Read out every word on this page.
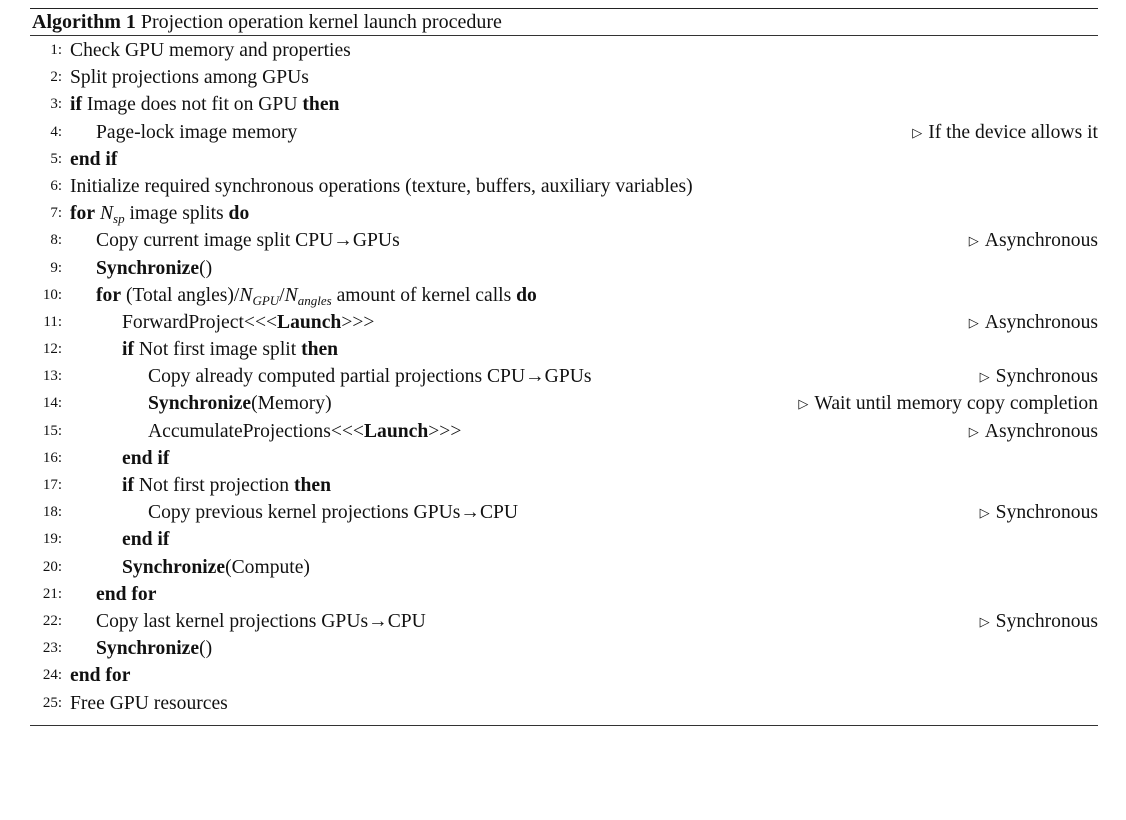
Algorithm 1 Projection operation kernel launch procedure
1: Check GPU memory and properties
2: Split projections among GPUs
3: if Image does not fit on GPU then
4: Page-lock image memory	▷ If the device allows it
5: end if
6: Initialize required synchronous operations (texture, buffers, auxiliary variables)
7: for $N_{sp}$ image splits do
8: Copy current image split CPU→GPUs	▷ Asynchronous
9: Synchronize()
10: for (Total $angles)/N_{GPU}/N_{angles}$ amount of kernel calls do
11:	ForwardProject<<<Launch>>>	▷ Asynchronous
12:	if Not first image split then
13:	Copy already computed partial projections CPU→GPUs	▷ Synchronous
14:	Synchronize(Memory)	▷ Wait until memory copy completion
15:	AccumulateProjections<<<Launch>>>	▷ Asynchronous
16:	end if
17:	if Not first projection then
18:	Copy previous kernel projections GPUs→CPU	▷ Synchronous
19:	end if
20:	Synchronize(Compute)
21: end for
22: Copy last kernel projections GPUs→CPU	▷ Synchronous
23: Synchronize()
24: end for
25: Free GPU resources
